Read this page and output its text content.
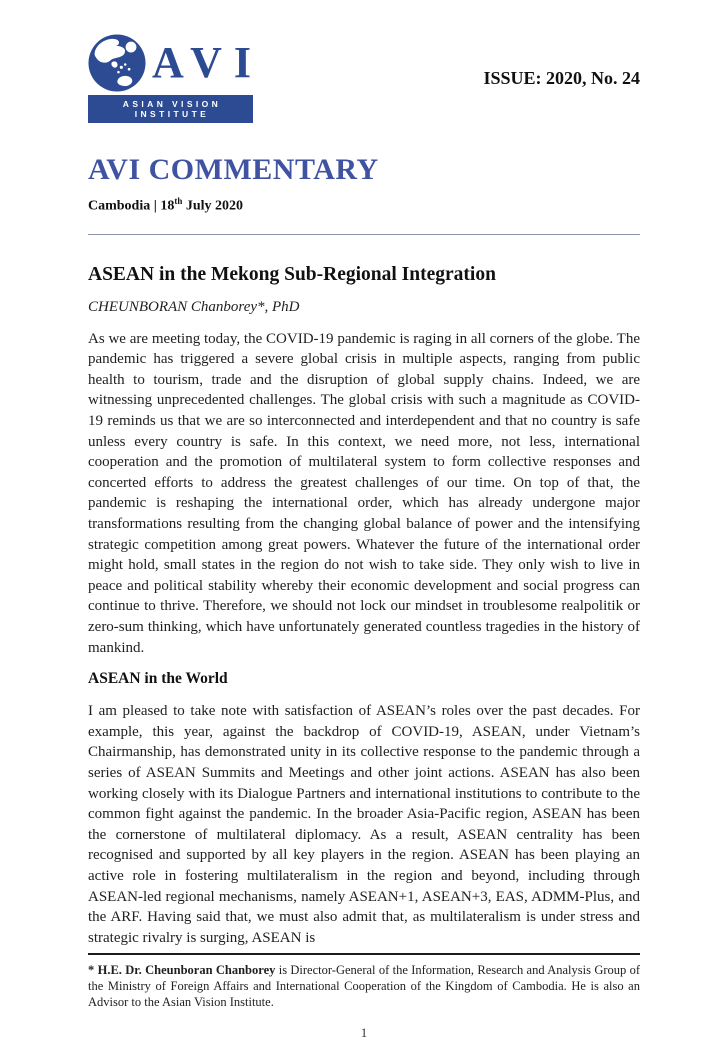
AVI
ASIAN VISION INSTITUTE
ISSUE: 2020, No. 24
AVI COMMENTARY
Cambodia | 18th July 2020
ASEAN in the Mekong Sub-Regional Integration
CHEUNBORAN Chanborey*, PhD

As we are meeting today, the COVID-19 pandemic is raging in all corners of the globe. The pandemic has triggered a severe global crisis in multiple aspects, ranging from public health to tourism, trade and the disruption of global supply chains. Indeed, we are witnessing unprecedented challenges. The global crisis with such a magnitude as COVID-19 reminds us that we are so interconnected and interdependent and that no country is safe unless every country is safe. In this context, we need more, not less, international cooperation and the promotion of multilateral system to form collective responses and concerted efforts to address the greatest challenges of our time. On top of that, the pandemic is reshaping the international order, which has already undergone major transformations resulting from the changing global balance of power and the intensifying strategic competition among great powers. Whatever the future of the international order might hold, small states in the region do not wish to take side. They only wish to live in peace and political stability whereby their economic development and social progress can continue to thrive. Therefore, we should not lock our mindset in troublesome realpolitik or zero-sum thinking, which have unfortunately generated countless tragedies in the history of mankind.

ASEAN in the World

I am pleased to take note with satisfaction of ASEAN’s roles over the past decades. For example, this year, against the backdrop of COVID-19, ASEAN, under Vietnam’s Chairmanship, has demonstrated unity in its collective response to the pandemic through a series of ASEAN Summits and Meetings and other joint actions. ASEAN has also been working closely with its Dialogue Partners and international institutions to contribute to the common fight against the pandemic. In the broader Asia-Pacific region, ASEAN has been the cornerstone of multilateral diplomacy. As a result, ASEAN centrality has been recognised and supported by all key players in the region. ASEAN has been playing an active role in fostering multilateralism in the region and beyond, including through ASEAN-led regional mechanisms, namely ASEAN+1, ASEAN+3, EAS, ADMM-Plus, and the ARF. Having said that, we must also admit that, as multilateralism is under stress and strategic rivalry is surging, ASEAN is

* H.E. Dr. Cheunboran Chanborey is Director-General of the Information, Research and Analysis Group of the Ministry of Foreign Affairs and International Cooperation of the Kingdom of Cambodia. He is also an Advisor to the Asian Vision Institute.
1
